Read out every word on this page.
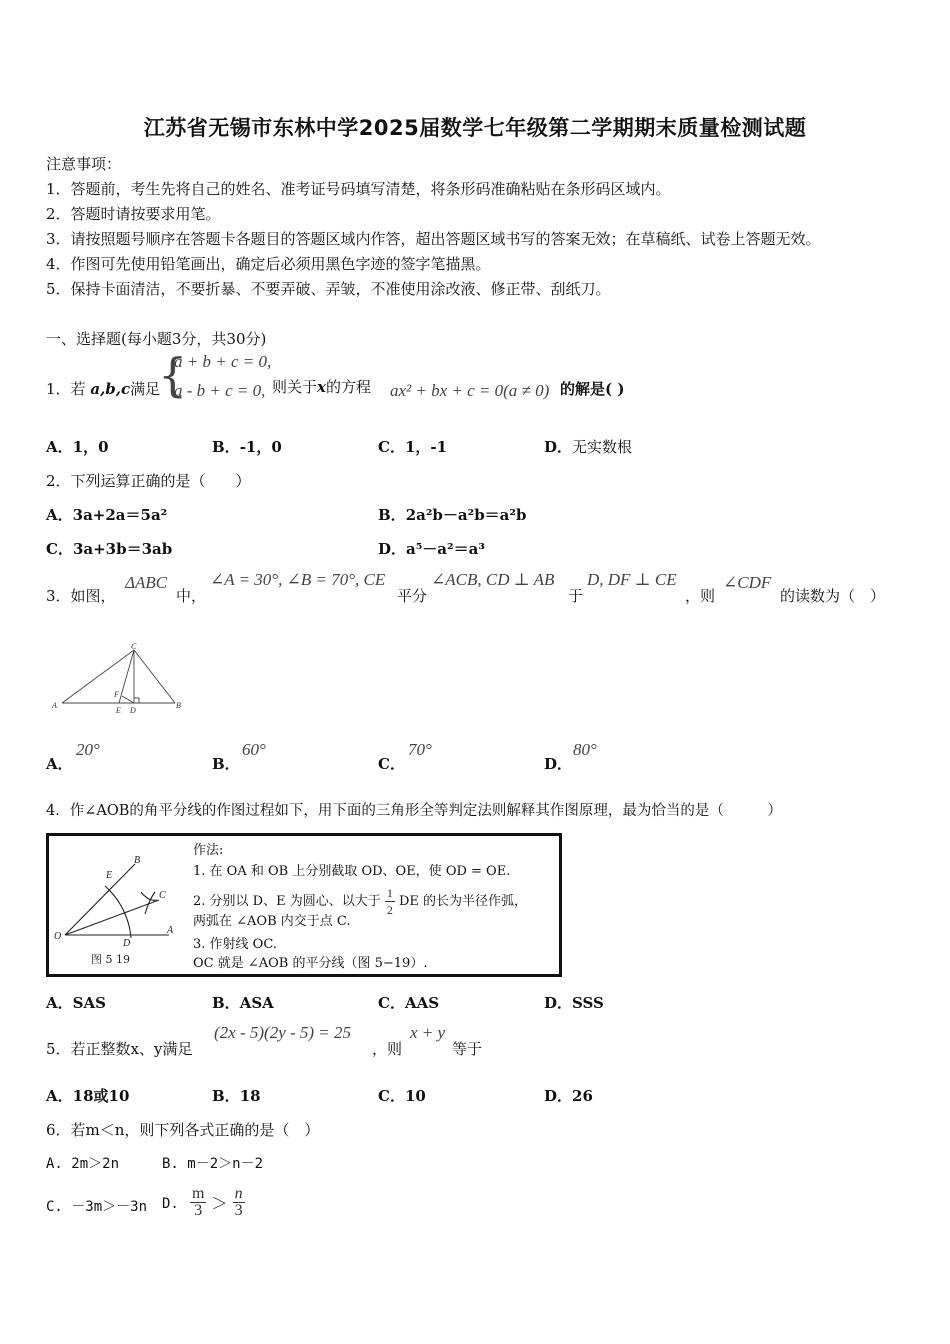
江苏省无锡市东林中学2025届数学七年级第二学期期末质量检测试题
注意事项：
1．答题前，考生先将自己的姓名、准考证号码填写清楚，将条形码准确粘贴在条形码区域内。
2．答题时请按要求用笔。
3．请按照题号顺序在答题卡各题目的答题区域内作答，超出答题区域书写的答案无效；在草稿纸、试卷上答题无效。
4．作图可先使用铅笔画出，确定后必须用黑色字迹的签字笔描黑。
5．保持卡面清洁，不要折暴、不要弄破、弄皱，不准使用涂改液、修正带、刮纸刀。
一、选择题(每小题3分，共30分)
1．若 a,b,c满足
{
a + b + c = 0,
a - b + c = 0, 则关于x的方程 ax² + bx + c = 0(a ≠ 0) 的解是( )
A．1，0	B．-1，0	C．1，-1	D．无实数根
2．下列运算正确的是（　　）
A．3a+2a＝5a²	B．2a²b－a²b＝a²b
C．3a+3b＝3ab	D．a⁵－a²＝a³
3．如图，
ΔABC
中，
∠A = 30°, ∠B = 70°, CE
平分
∠ACB, CD ⊥ AB
于
D, DF ⊥ CE
，则
∠CDF
的读数为（　）
A	B
C
D
E
F
A．
20°
B．
60°
C．
70°
D．
80°
4．作∠AOB的角平分线的作图过程如下，用下面的三角形全等判定法则解释其作图原理，最为恰当的是（　　　）
O
A
B
C
D
E
图 5 19
作法:
1. 在 OA 和 OB 上分别截取 OD、OE，使 OD = OE.
2. 分别以 D、E 为圆心、以大于 $\frac{1}{2}$ DE 的长为半径作弧，
两弧在 ∠AOB 内交于点 C.
3. 作射线 OC.
OC 就是 ∠AOB 的平分线（图 5−19）.
A．SAS	B．ASA	C．AAS	D．SSS
5．若正整数x、y满足
(2x - 5)(2y - 5) = 25
，则
x + y
等于
A．18或10	B．18	C．10	D．26
6．若m＜n，则下列各式正确的是（　）
A. 2m＞2n	B. m－2＞n－2
C. －3m＞－3n D. $\frac{m}{3} > \frac{n}{3}$
